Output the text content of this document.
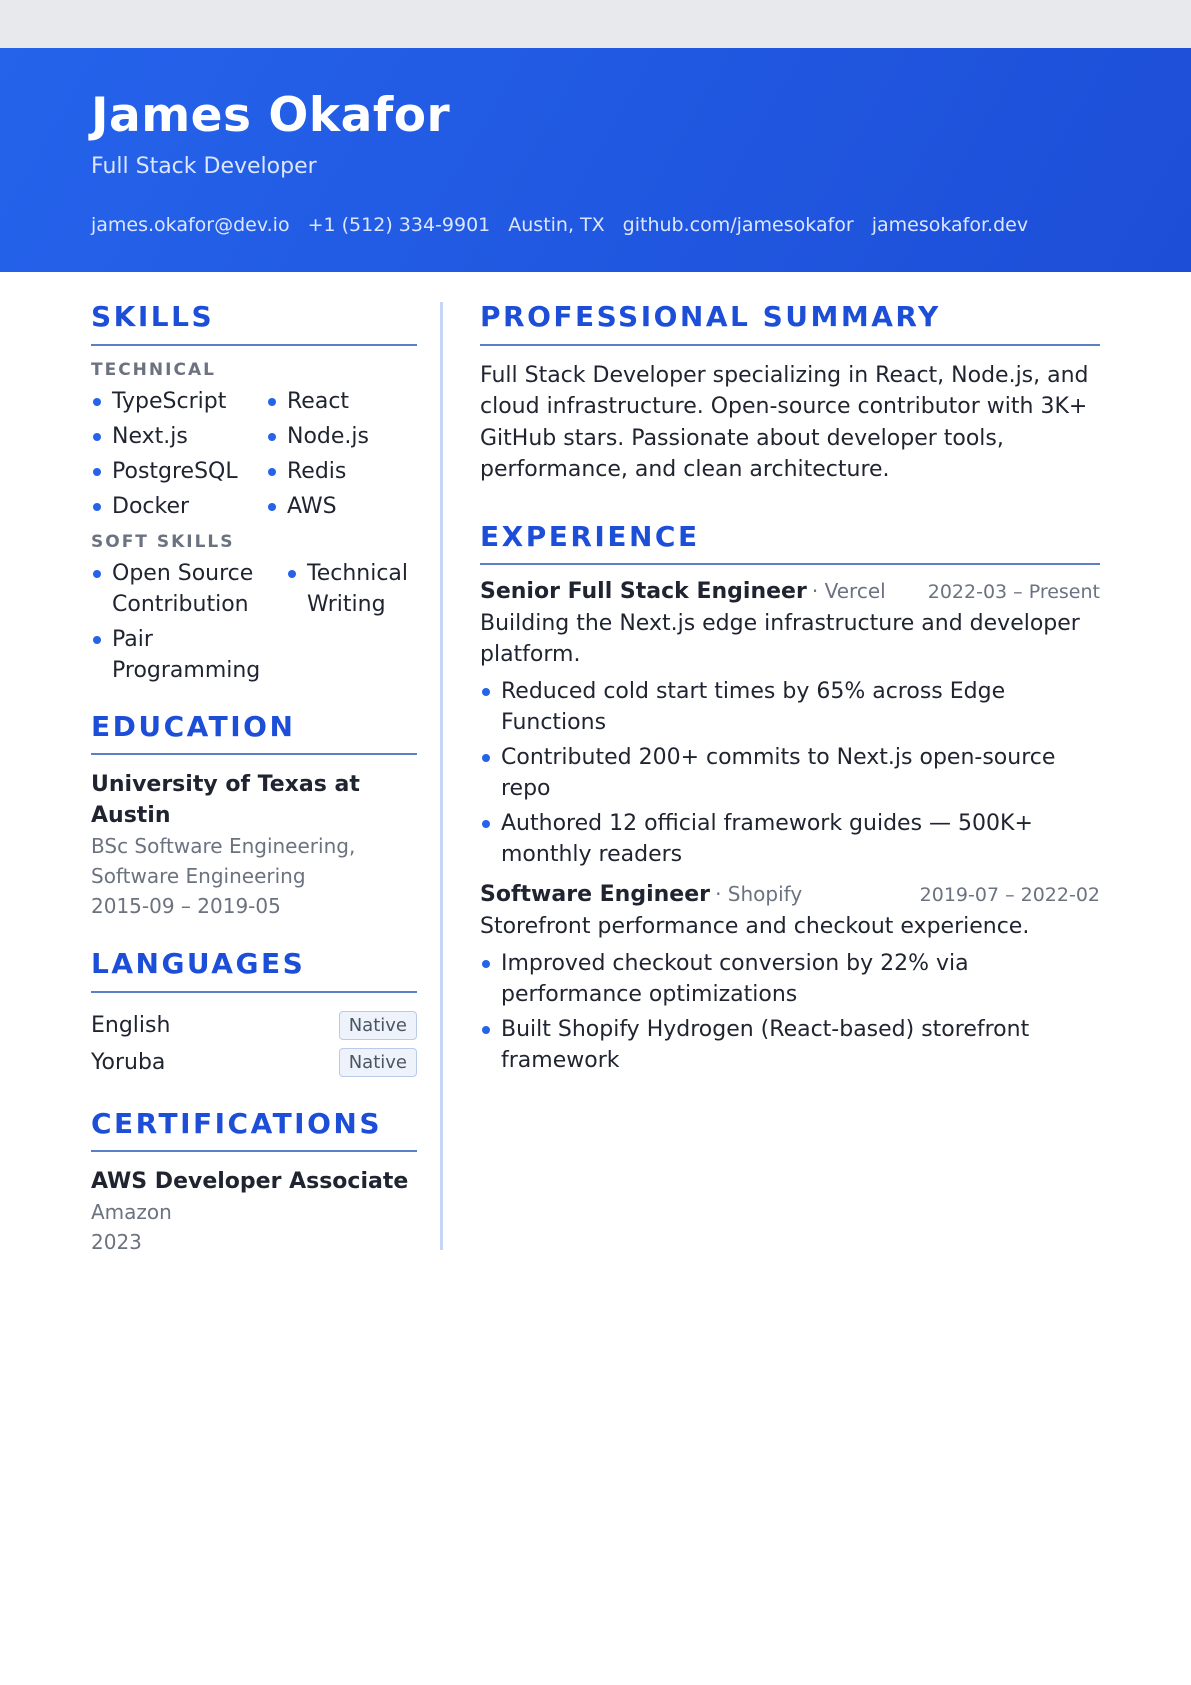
James Okafor
Full Stack Developer
james.okafor@dev.io +1 (512) 334-9901 Austin, TX github.com/jamesokafor jamesokafor.dev
SKILLS
TECHNICAL
TypeScript	React
Next.js	Node.js
PostgreSQL	Redis
Docker	AWS
SOFT SKILLS
Open Source Contribution
Technical Writing
Pair Programming
EDUCATION
University of Texas at Austin
BSc Software Engineering, Software Engineering
2015-09 – 2019-05
LANGUAGES
English	Native
Yoruba	Native
CERTIFICATIONS
AWS Developer Associate
Amazon
2023
PROFESSIONAL SUMMARY

Full Stack Developer specializing in React, Node.js, and cloud infrastructure. Open-source contributor with 3K+ GitHub stars. Passionate about developer tools, performance, and clean architecture.

EXPERIENCE
Senior Full Stack Engineer · Vercel 2022-03 – Present

Building the Next.js edge infrastructure and developer platform.

Reduced cold start times by 65% across Edge Functions
Contributed 200+ commits to Next.js open-source repo
Authored 12 official framework guides — 500K+ monthly readers
Software Engineer · Shopify	2019-07 – 2022-02

Storefront performance and checkout experience.

Improved checkout conversion by 22% via performance optimizations
Built Shopify Hydrogen (React-based) storefront framework
